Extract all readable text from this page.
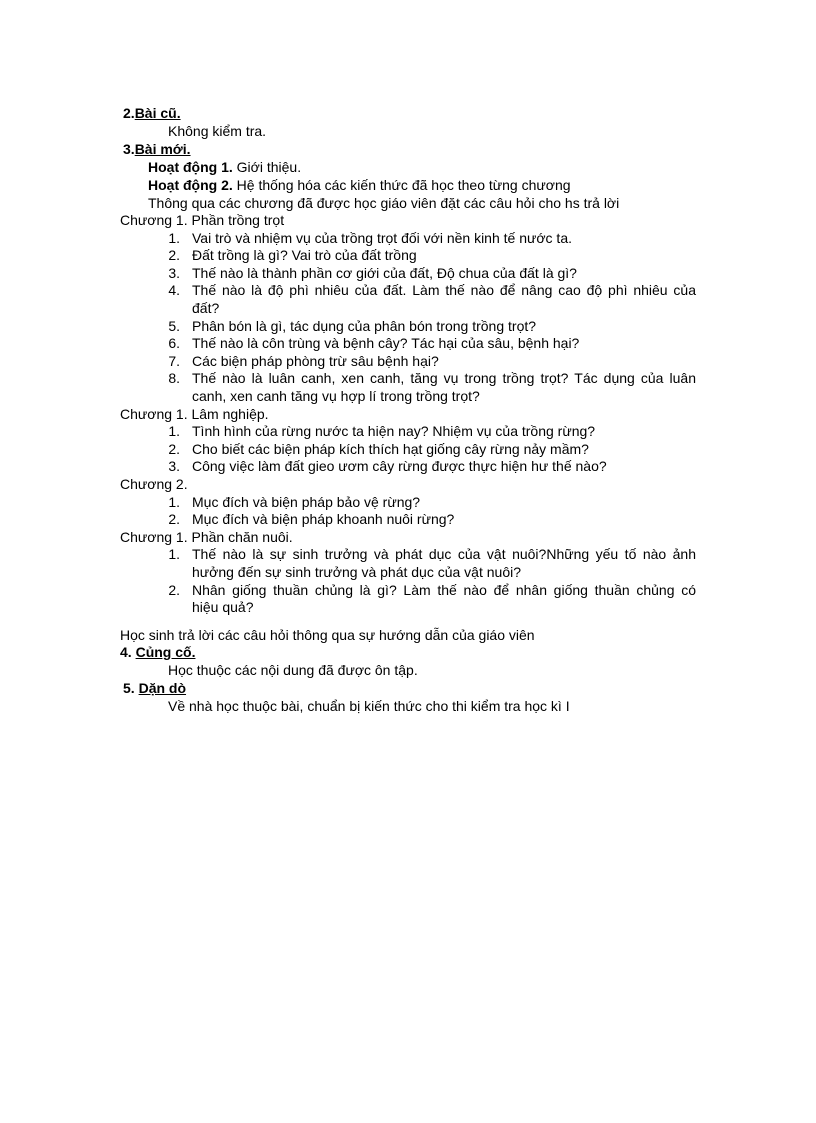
2.Bài cũ.
Không kiểm tra.
3.Bài mới.
Hoạt động 1. Giới thiệu.
Hoạt động 2. Hệ thống hóa các kiến thức đã học theo từng chương
Thông qua các chương đã được học giáo viên đặt các câu hỏi cho hs trả lời
Chương 1. Phần trồng trọt
1. Vai trò và nhiệm vụ của trồng trọt đối với nền kinh tế nước ta.
2. Đất trồng là gì? Vai trò của đất trồng
3. Thế nào là thành phần cơ giới của đất, Độ chua của đất là gì?
4. Thế nào là độ phì nhiêu của đất. Làm thế nào để nâng cao độ phì nhiêu của
đất?
5. Phân bón là gì, tác dụng của phân bón trong trồng trọt?
6. Thế nào là côn trùng và bệnh cây? Tác hại của sâu, bệnh hại?
7. Các biện pháp phòng trừ sâu bệnh hại?
8. Thế nào là luân canh, xen canh, tăng vụ trong trồng trọt? Tác dụng của luân
canh, xen canh tăng vụ hợp lí trong trồng trọt?
Chương 1. Lâm nghiệp.
1. Tình hình của rừng nước ta hiện nay? Nhiệm vụ của trồng rừng?
2. Cho biết các biện pháp kích thích hạt giống cây rừng nảy mầm?
3. Công việc làm đất gieo ươm cây rừng được thực hiện hư thế nào?
Chương 2.
1. Mục đích và biện pháp bảo vệ rừng?
2. Mục đích và biện pháp khoanh nuôi rừng?
Chương 1. Phần chăn nuôi.
1. Thế nào là sự sinh trưởng và phát dục của vật nuôi?Những yếu tố nào ảnh
hưởng đến sự sinh trưởng và phát dục của vật nuôi?
2. Nhân giống thuần chủng là gì? Làm thế nào để nhân giống thuần chủng có
hiệu quả?
Học sinh trả lời các câu hỏi thông qua sự hướng dẫn của giáo viên
4. Củng cố.
Học thuộc các nội dung đã được ôn tập.
5. Dặn dò
Về nhà học thuộc bài, chuẩn bị kiến thức cho thi kiểm tra học kì I
